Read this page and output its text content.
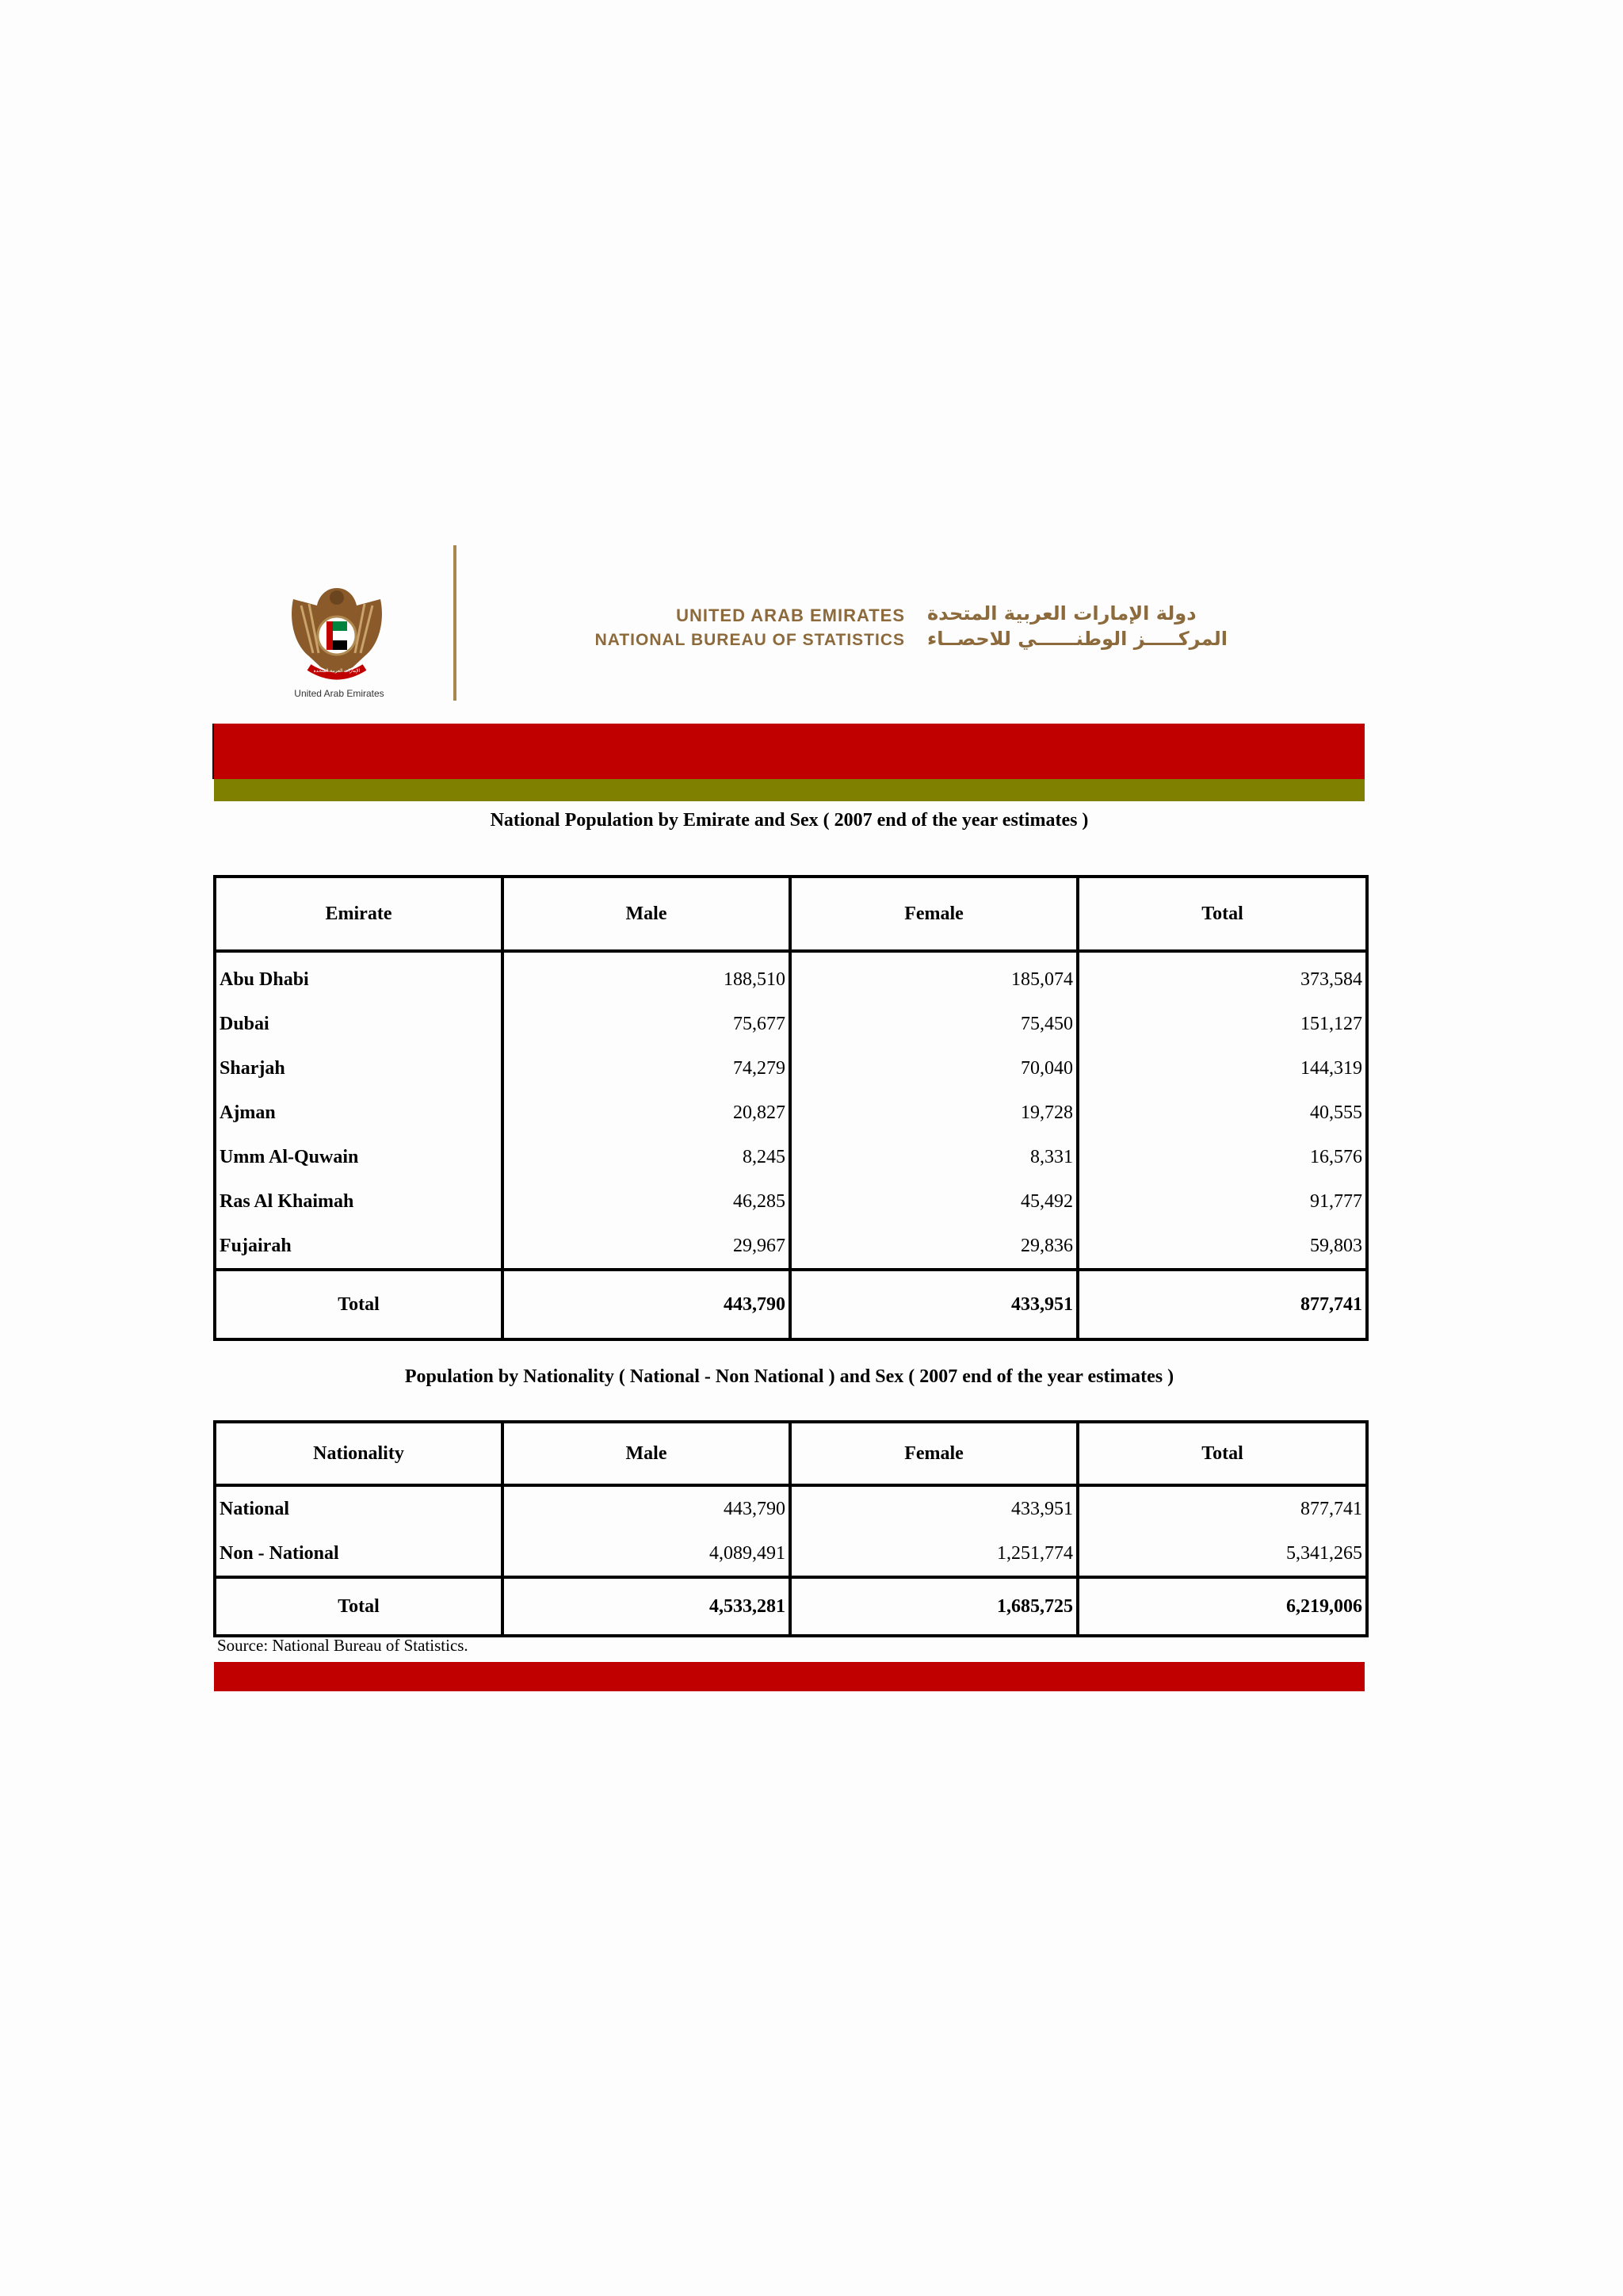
الإمارات العربية المتحدة
United Arab Emirates
UNITED ARAB EMIRATES
NATIONAL BUREAU OF STATISTICS
دولة الإمارات العربية المتحدة
المركـــــز الوطنــــــي للاحصــاء
National Population by Emirate and Sex ( 2007 end of the year estimates )
Emirate	Male	Female	Total
Abu Dhabi	188,510	185,074	373,584
Dubai	75,677	75,450	151,127
Sharjah	74,279	70,040	144,319
Ajman	20,827	19,728	40,555
Umm Al-Quwain	8,245	8,331	16,576
Ras Al Khaimah	46,285	45,492	91,777
Fujairah	29,967	29,836	59,803
Total	443,790	433,951	877,741
Population by Nationality ( National - Non National ) and Sex ( 2007 end of the year estimates )
Nationality	Male	Female	Total
National	443,790	433,951	877,741
Non - National	4,089,491	1,251,774	5,341,265
Total	4,533,281	1,685,725	6,219,006
Source: National Bureau of Statistics.
